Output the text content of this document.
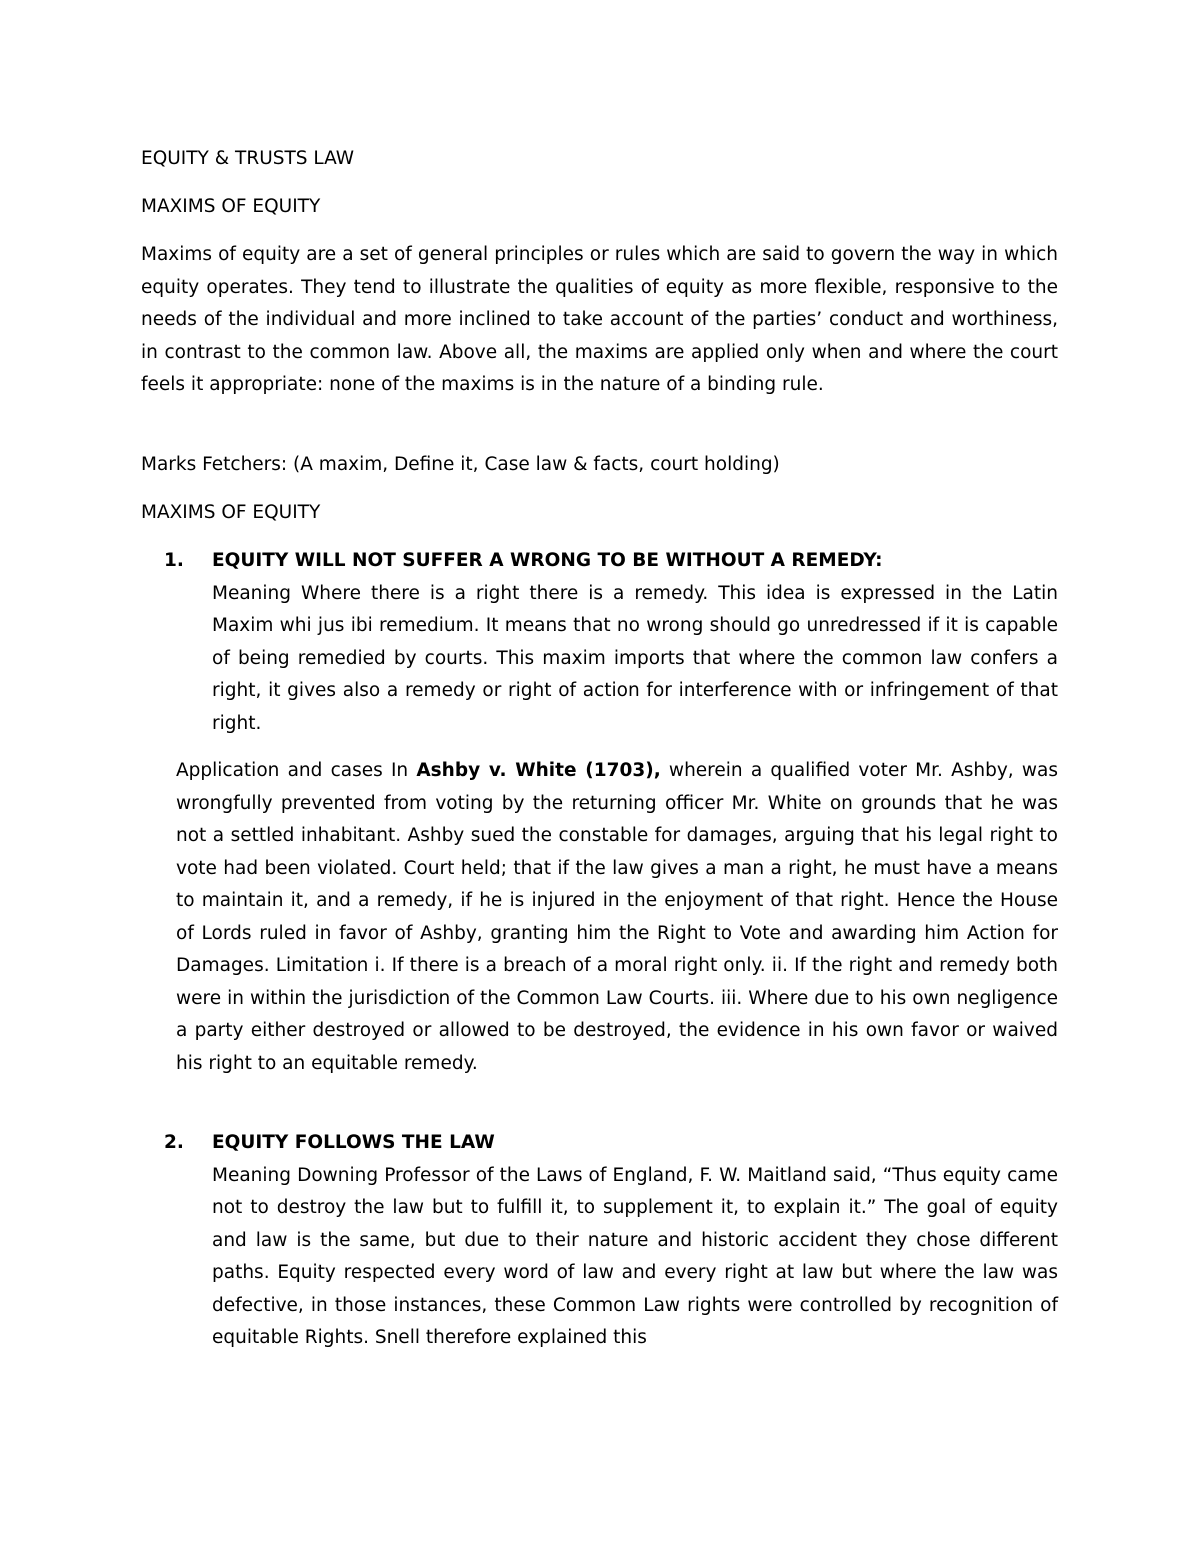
EQUITY & TRUSTS LAW

MAXIMS OF EQUITY

Maxims of equity are a set of general principles or rules which are said to govern the way in which equity operates. They tend to illustrate the qualities of equity as more flexible, responsive to the needs of the individual and more inclined to take account of the parties’ conduct and worthiness, in contrast to the common law. Above all, the maxims are applied only when and where the court feels it appropriate: none of the maxims is in the nature of a binding rule.

Marks Fetchers: (A maxim, Define it, Case law & facts, court holding)

MAXIMS OF EQUITY

1. EQUITY WILL NOT SUFFER A WRONG TO BE WITHOUT A REMEDY:

Meaning Where there is a right there is a remedy. This idea is expressed in the Latin Maxim whi jus ibi remedium. It means that no wrong should go unredressed if it is capable of being remedied by courts. This maxim imports that where the common law confers a right, it gives also a remedy or right of action for interference with or infringement of that right.

Application and cases In Ashby v. White (1703), wherein a qualified voter Mr. Ashby, was wrongfully prevented from voting by the returning officer Mr. White on grounds that he was not a settled inhabitant. Ashby sued the constable for damages, arguing that his legal right to vote had been violated. Court held; that if the law gives a man a right, he must have a means to maintain it, and a remedy, if he is injured in the enjoyment of that right. Hence the House of Lords ruled in favor of Ashby, granting him the Right to Vote and awarding him Action for Damages. Limitation i. If there is a breach of a moral right only. ii. If the right and remedy both were in within the jurisdiction of the Common Law Courts. iii. Where due to his own negligence a party either destroyed or allowed to be destroyed, the evidence in his own favor or waived his right to an equitable remedy.

2. EQUITY FOLLOWS THE LAW

Meaning Downing Professor of the Laws of England, F. W. Maitland said, “Thus equity came not to destroy the law but to fulfill it, to supplement it, to explain it.” The goal of equity and law is the same, but due to their nature and historic accident they chose different paths. Equity respected every word of law and every right at law but where the law was defective, in those instances, these Common Law rights were controlled by recognition of equitable Rights. Snell therefore explained this
